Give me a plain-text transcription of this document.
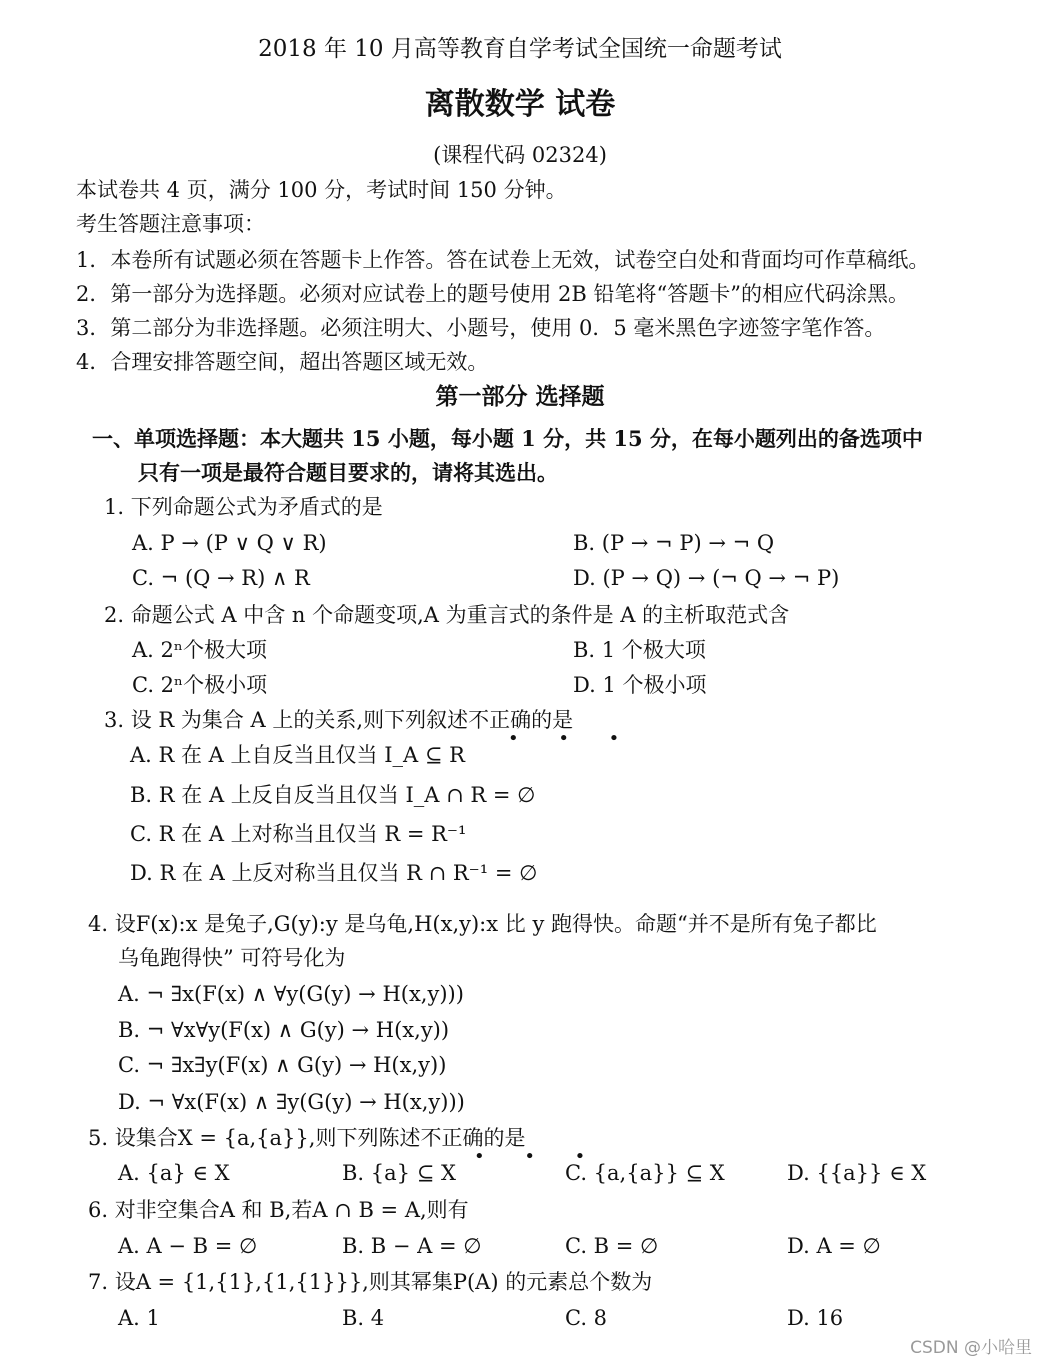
2018 年 10 月高等教育自学考试全国统一命题考试
离散数学 试卷
(课程代码 02324)
本试卷共 4 页，满分 100 分，考试时间 150 分钟。
考生答题注意事项：
1．本卷所有试题必须在答题卡上作答。答在试卷上无效，试卷空白处和背面均可作草稿纸。
2．第一部分为选择题。必须对应试卷上的题号使用 2B 铅笔将“答题卡”的相应代码涂黑。
3．第二部分为非选择题。必须注明大、小题号，使用 0．5 毫米黑色字迹签字笔作答。
4．合理安排答题空间，超出答题区域无效。
第一部分 选择题
一、单项选择题：本大题共 15 小题，每小题 1 分，共 15 分，在每小题列出的备选项中
只有一项是最符合题目要求的，请将其选出。
1. 下列命题公式为矛盾式的是
A. P → (P ∨ Q ∨ R)	B. (P → ¬ P) → ¬ Q
C. ¬ (Q → R) ∧ R	D. (P → Q) → (¬ Q → ¬ P)
2. 命题公式 A 中含 n 个命题变项,A 为重言式的条件是 A 的主析取范式含
A. 2ⁿ个极大项	B. 1 个极大项
C. 2ⁿ个极小项	D. 1 个极小项
3. 设 R 为集合 A 上的关系,则下列叙述不正确的是
• • •
A. R 在 A 上自反当且仅当 I_A ⊆ R
B. R 在 A 上反自反当且仅当 I_A ∩ R = ∅
C. R 在 A 上对称当且仅当 R = R⁻¹
D. R 在 A 上反对称当且仅当 R ∩ R⁻¹ = ∅
4. 设F(x):x 是兔子,G(y):y 是乌龟,H(x,y):x 比 y 跑得快。命题“并不是所有兔子都比
乌龟跑得快” 可符号化为
A. ¬ ∃x(F(x) ∧ ∀y(G(y) → H(x,y)))
B. ¬ ∀x∀y(F(x) ∧ G(y) → H(x,y))
C. ¬ ∃x∃y(F(x) ∧ G(y) → H(x,y))
D. ¬ ∀x(F(x) ∧ ∃y(G(y) → H(x,y)))
5. 设集合X = {a,{a}},则下列陈述不正确的是
• • •
A. {a} ∈ X	B. {a} ⊆ X	C. {a,{a}} ⊆ X	D. {{a}} ∈ X
6. 对非空集合A 和 B,若A ∩ B = A,则有
A. A − B = ∅	B. B − A = ∅	C. B = ∅	D. A = ∅
7. 设A = {1,{1},{1,{1}}},则其幂集P(A) 的元素总个数为
A. 1	B. 4	C. 8	D. 16
CSDN @小哈里
